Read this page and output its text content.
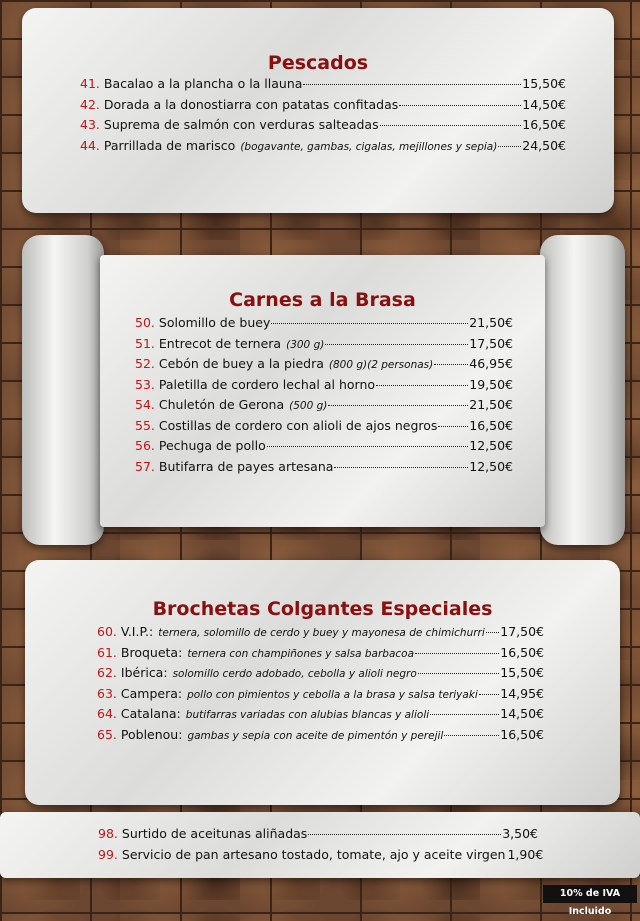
Pescados
41. Bacalao a la plancha o la llauna	15,50€
42. Dorada a la donostiarra con patatas confitadas	14,50€
43. Suprema de salmón con verduras salteadas	16,50€
44. Parrillada de marisco (bogavante, gambas, cigalas, mejillones y sepia) 24,50€
Carnes a la Brasa
50. Solomillo de buey	21,50€
51. Entrecot de ternera (300 g)	17,50€
52. Cebón de buey a la piedra (800 g)(2 personas)	46,95€
53. Paletilla de cordero lechal al horno	19,50€
54. Chuletón de Gerona (500 g)	21,50€
55. Costillas de cordero con alioli de ajos negros	16,50€
56. Pechuga de pollo	12,50€
57. Butifarra de payes artesana	12,50€
Brochetas Colgantes Especiales
60. V.I.P.: ternera, solomillo de cerdo y buey y mayonesa de chimichurri 17,50€
61. Broqueta: ternera con champiñones y salsa barbacoa	16,50€
62. Ibérica: solomillo cerdo adobado, cebolla y alioli negro	15,50€
63. Campera: pollo con pimientos y cebolla a la brasa y salsa teriyaki 14,95€
64. Catalana: butifarras variadas con alubias blancas y alioli	14,50€
65. Poblenou: gambas y sepia con aceite de pimentón y perejil	16,50€
98. Surtido de aceitunas aliñadas	3,50€
99. Servicio de pan artesano tostado, tomate, ajo y aceite virgen 1,90€
10% de IVA Incluido
